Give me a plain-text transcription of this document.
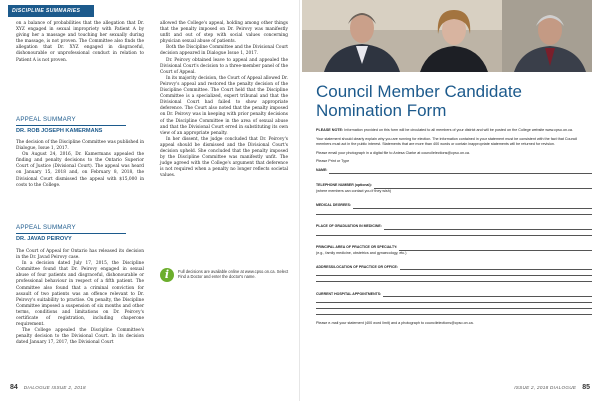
DISCIPLINE SUMMARIES

on a balance of probabilities that the allegation that Dr. XYZ engaged in sexual impropriety with Patient A by giving her a massage and touching her sexually during the massage, is not proven. The Committee also finds the allegation that Dr. XYZ engaged in disgraceful, dishonourable or unprofessional conduct in relation to Patient A is not proven.

APPEAL SUMMARY
DR. ROB JOSEPH KAMERMANS

The decision of the Discipline Committee was published in Dialogue, Issue 1, 2017.

On August 24, 2016, Dr. Kamermans appealed the finding and penalty decisions to the Ontario Superior Court of Justice (Divisional Court). The appeal was heard on January 15, 2018 and, on February 8, 2018, the Divisional Court dismissed the appeal with $15,000 in costs to the College.

APPEAL SUMMARY
DR. JAVAD PEIROVY

The Court of Appeal for Ontario has released its decision in the Dr. Javad Peirovy case.

In a decision dated July 17, 2015, the Discipline Committee found that Dr. Peirovy engaged in sexual abuse of four patients and disgraceful, dishonourable or professional behaviour in respect of a fifth patient. The Committee also found that a criminal conviction for assault of two patients was an offence relevant to Dr. Peirovy's suitability to practise. On penalty, the Discipline Committee imposed a suspension of six months and other terms, conditions and limitations on Dr. Peirovy's certificate of registration, including chaperone requirement.

The College appealed the Discipline Committee's penalty decision to the Divisional Court. In its decision dated January 17, 2017, the Divisional Court

allowed the College's appeal, holding among other things that the penalty imposed on Dr. Peirovy was manifestly unfit and out of step with social values concerning physician sexual abuse of patients.

Both the Discipline Committee and the Divisional Court decision appeared in Dialogue Issue 1, 2017.

Dr. Peirovy obtained leave to appeal and appealed the Divisional Court's decision to a three-member panel of the Court of Appeal.

In its majority decision, the Court of Appeal allowed Dr. Peirovy's appeal and restored the penalty decision of the Discipline Committee. The Court held that the Discipline Committee is a specialized, expert tribunal and that the Divisional Court had failed to show appropriate deference. The Court also noted that the penalty imposed on Dr. Peirovy was in keeping with prior penalty decisions of the Discipline Committee in the area of sexual abuse and that the Divisional Court erred in substituting its own view of an appropriate penalty.

In her dissent, the judge concluded that Dr. Peirovy's appeal should be dismissed and the Divisional Court's decision upheld. She concluded that the penalty imposed by the Discipline Committee was manifestly unfit. The judge agreed with the College's argument that deference is not required when a penalty no longer reflects societal values.

i	Full decisions are available online at www.cpso.on.ca. Select Find a Doctor and enter the doctor's name.
84 DIALOGUE ISSUE 2, 2018
Council Member Candidate Nomination Form

PLEASE NOTE: Information provided on this form will be circulated to all members of your district and will be posted on the College website www.cpso.on.ca.

Your statement should clearly explain why you are running for election. The information contained in your statement must be consistent with the fact that Council members must act in the public interest. Statements that are more than 400 words or contain inappropriate statements will be returned for revision.

Please email your photograph in a digital file to Aniesa Clarke at councilelections@cpso.on.ca.

Please Print or Type

NAME:
TELEPHONE NUMBER (optional):
(where members can contact you if they wish)
MEDICAL DEGREES:
PLACE OF GRADUATION IN MEDICINE:
PRINCIPAL AREA OF PRACTICE OR SPECIALTY:
(e.g., family medicine, obstetrics and gynaecology, etc.)
ADDRESS/LOCATION OF PRACTICE OR OFFICE:
CURRENT HOSPITAL APPOINTMENTS:

Please e-mail your statement (400 word limit) and a photograph to councilelections@cpso.on.ca.

ISSUE 2, 2018 DIALOGUE 85
